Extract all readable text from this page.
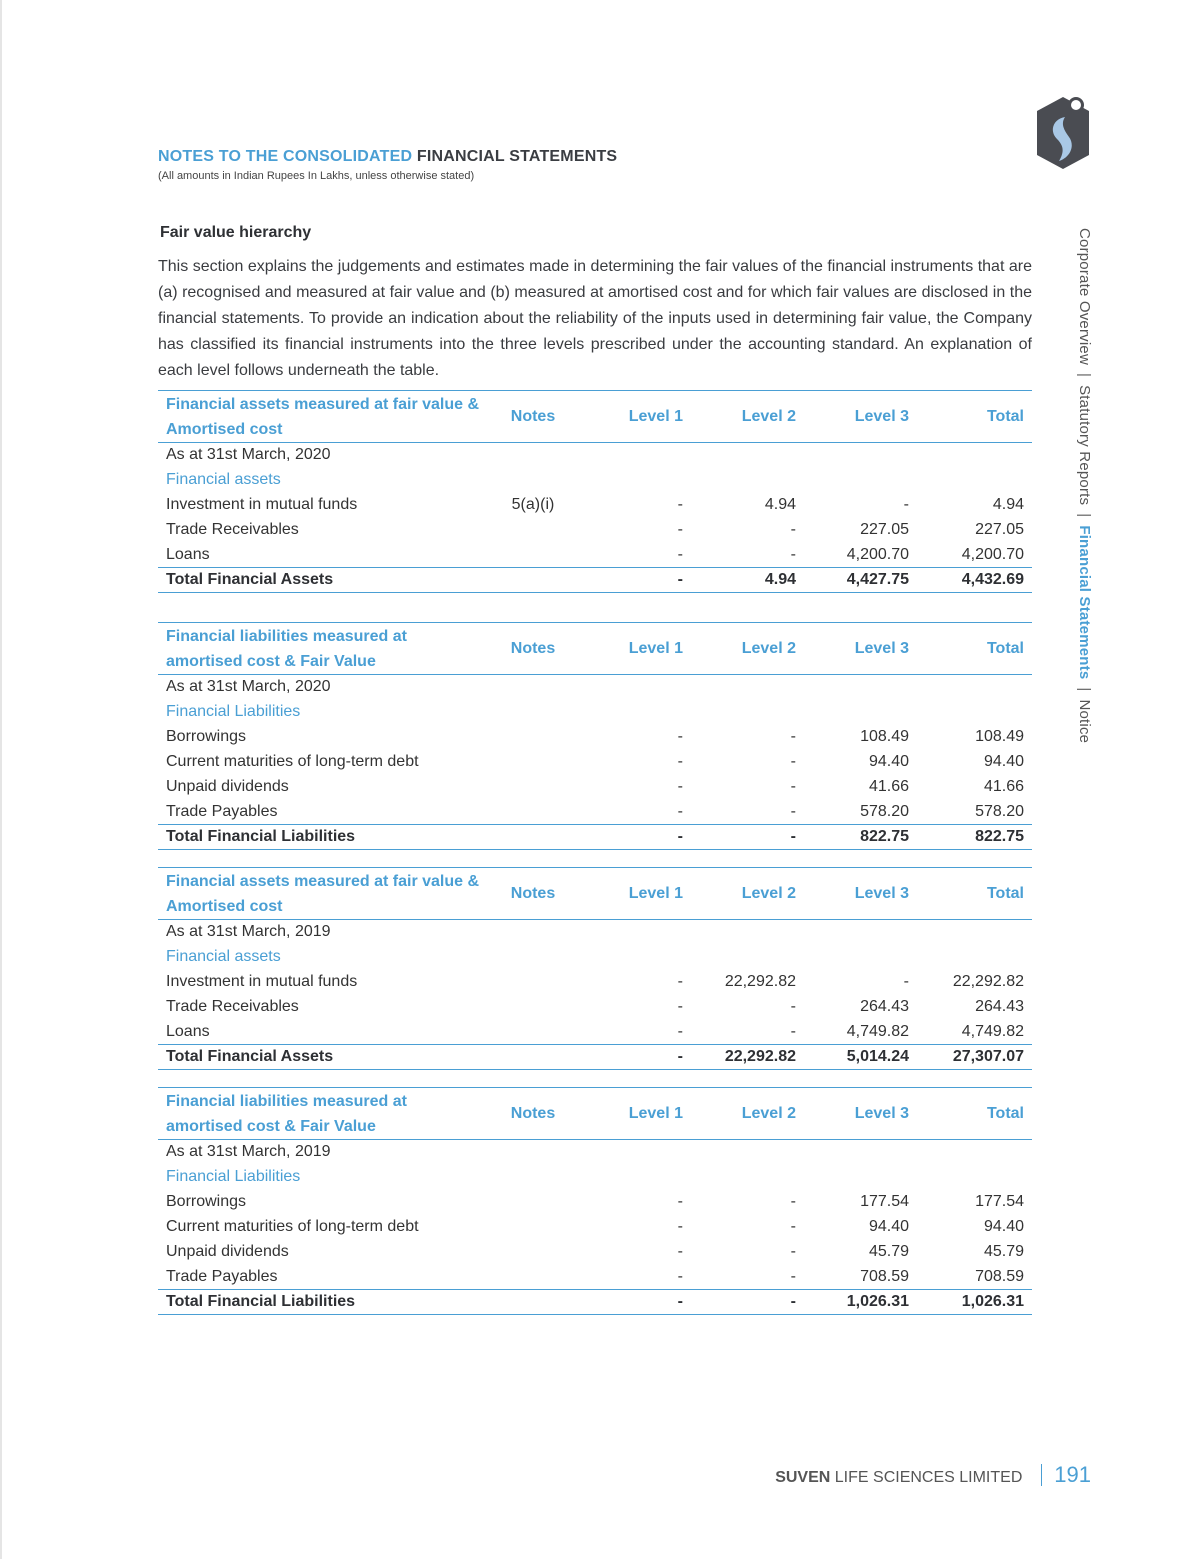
NOTES TO THE CONSOLIDATED FINANCIAL STATEMENTS
(All amounts in Indian Rupees In Lakhs, unless otherwise stated)
Corporate Overview|Statutory Reports|Financial Statements|Notice
Fair value hierarchy

This section explains the judgements and estimates made in determining the fair values of the financial instruments that are (a) recognised and measured at fair value and (b) measured at amortised cost and for which fair values are disclosed in the financial statements. To provide an indication about the reliability of the inputs used in determining fair value, the Company has classified its financial instruments into the three levels prescribed under the accounting standard. An explanation of each level follows underneath the table.

Financial assets measured at fair value & Amortised cost	Notes	Level 1	Level 2	Level 3	Total
As at 31st March, 2020					
Financial assets					
Investment in mutual funds	5(a)(i)	-	4.94	-	4.94
Trade Receivables		-	-	227.05	227.05
Loans		-	-	4,200.70	4,200.70
Total Financial Assets		-	4.94	4,427.75	4,432.69
Financial liabilities measured at amortised cost & Fair Value	Notes	Level 1	Level 2	Level 3	Total
As at 31st March, 2020					
Financial Liabilities					
Borrowings		-	-	108.49	108.49
Current maturities of long-term debt		-	-	94.40	94.40
Unpaid dividends		-	-	41.66	41.66
Trade Payables		-	-	578.20	578.20
Total Financial Liabilities		-	-	822.75	822.75
Financial assets measured at fair value & Amortised cost	Notes	Level 1	Level 2	Level 3	Total
As at 31st March, 2019					
Financial assets					
Investment in mutual funds		-	22,292.82	-	22,292.82
Trade Receivables		-	-	264.43	264.43
Loans		-	-	4,749.82	4,749.82
Total Financial Assets		-	22,292.82	5,014.24	27,307.07
Financial liabilities measured at amortised cost & Fair Value	Notes	Level 1	Level 2	Level 3	Total
As at 31st March, 2019					
Financial Liabilities					
Borrowings		-	-	177.54	177.54
Current maturities of long-term debt		-	-	94.40	94.40
Unpaid dividends		-	-	45.79	45.79
Trade Payables		-	-	708.59	708.59
Total Financial Liabilities		-	-	1,026.31	1,026.31
SUVEN LIFE SCIENCES LIMITED 191
